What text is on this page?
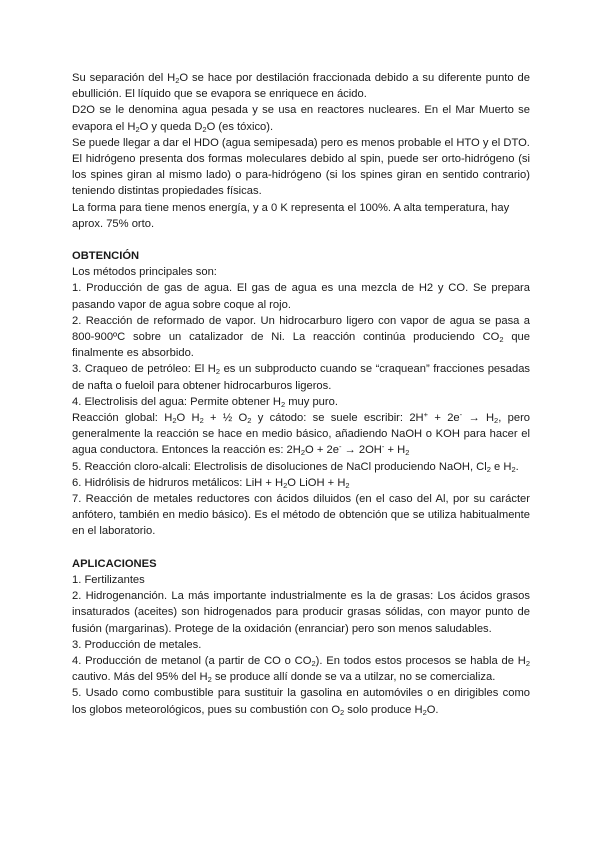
Su separación del $H_2O$ se hace por destilación fraccionada debido a su diferente punto de ebullición. El líquido que se evapora se enriquece en ácido.

D2O se le denomina agua pesada y se usa en reactores nucleares. En el Mar Muerto se evapora el $H_2O$ y queda $D_2O$ (es tóxico).

Se puede llegar a dar el HDO (agua semipesada) pero es menos probable el HTO y el DTO.

El hidrógeno presenta dos formas moleculares debido al spin, puede ser orto-hidrógeno (si los spines giran al mismo lado) o para-hidrógeno (si los spines giran en sentido contrario) teniendo distintas propiedades físicas.

La forma para tiene menos energía, y a 0 K representa el 100%. A alta temperatura, hay aprox. 75% orto.

OBTENCIÓN

Los métodos principales son:

1. Producción de gas de agua. El gas de agua es una mezcla de H2 y CO. Se prepara pasando vapor de agua sobre coque al rojo.

2. Reacción de reformado de vapor. Un hidrocarburo ligero con vapor de agua se pasa a 800-900ºC sobre un catalizador de Ni. La reacción continúa produciendo $CO_2$ que finalmente es absorbido.

3. Craqueo de petróleo: El $H_2$ es un subproducto cuando se “craquean” fracciones pesadas de nafta o fueloil para obtener hidrocarburos ligeros.

4. Electrolisis del agua: Permite obtener $H_2$ muy puro.

Reacción global: $H_2O$ $H_2$ + ½ $O_2$ y cátodo: se suele escribir: $2H^+ + 2e^- \to H_2$, pero generalmente la reacción se hace en medio básico, añadiendo NaOH o KOH para hacer el agua conductora. Entonces la reacción es: $2H_2O + 2e^- \to 2OH^- + H_2$

5. Reacción cloro-alcali: Electrolisis de disoluciones de NaCl produciendo NaOH, $Cl_2$ e $H_2$.

6. Hidrólisis de hidruros metálicos: LiH + $H_2O$ LiOH + $H_2$

7. Reacción de metales reductores con ácidos diluidos (en el caso del Al, por su carácter anfótero, también en medio básico). Es el método de obtención que se utiliza habitualmente en el laboratorio.

APLICACIONES

1. Fertilizantes

2. Hidrogenanción. La más importante industrialmente es la de grasas: Los ácidos grasos insaturados (aceites) son hidrogenados para producir grasas sólidas, con mayor punto de fusión (margarinas). Protege de la oxidación (enranciar) pero son menos saludables.

3. Producción de metales.

4. Producción de metanol (a partir de CO o $CO_2$). En todos estos procesos se habla de $H_2$ cautivo. Más del 95% del $H_2$ se produce allí donde se va a utilzar, no se comercializa.

5. Usado como combustible para sustituir la gasolina en automóviles o en dirigibles como los globos meteorológicos, pues su combustión con $O_2$ solo produce $H_2O$.
